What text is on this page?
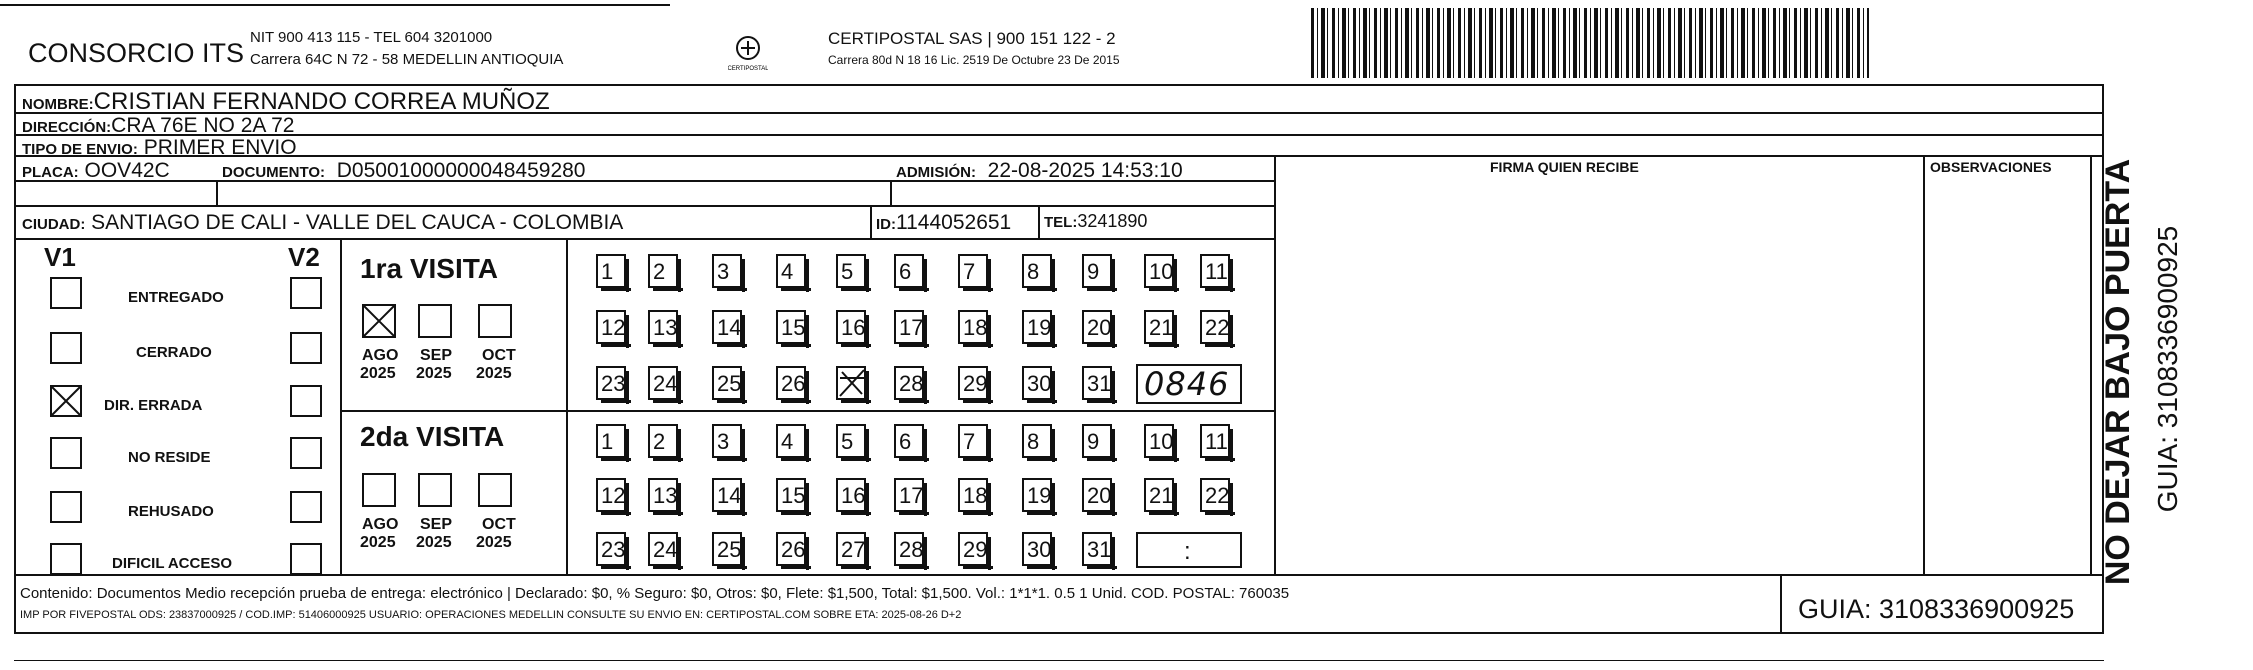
CONSORCIO ITS
NIT 900 413 115 - TEL 604 3201000
Carrera 64C N 72 - 58 MEDELLIN ANTIOQUIA
CERTIPOSTAL
CERTIPOSTAL SAS | 900 151 122 - 2
Carrera 80d N 18 16 Lic. 2519 De Octubre 23 De 2015
NOMBRE:CRISTIAN FERNANDO CORREA MUÑOZ
DIRECCIÓN:CRA 76E NO 2A 72
TIPO DE ENVIO: PRIMER ENVIO
FIRMA QUIEN RECIBE	OBSERVACIONES
PLACA: OOV42C	DOCUMENTO: D05001000000048459280	ADMISIÓN: 22-08-2025 14:53:10
CIUDAD: SANTIAGO DE CALI - VALLE DEL CAUCA - COLOMBIA	ID:1144052651 TEL:3241890
V1	V2
ENTREGADO
CERRADO
DIR. ERRADA
NO RESIDE
REHUSADO
DIFICIL ACCESO
1ra VISITA
2da VISITA
AGO
2025
SEP
2025
OCT
2025
AGO
2025
SEP
2025
OCT
2025
1	2	3	4	5	6	7	8	9	10 11
12 13 14 15 16 17 18 19 20 21 22
23 24 25 26	28 29 30 31
1	2	3	4	5	6	7	8	9	10 11
12 13 14 15 16 17 18 19 20 21 22
23 24 25 26 27 28 29 30 31
0846
:
Contenido: Documentos Medio recepción prueba de entrega: electrónico | Declarado: $0, % Seguro: $0, Otros: $0, Flete: $1,500, Total: $1,500. Vol.: 1*1*1. 0.5 1 Unid. COD. POSTAL: 760035
IMP POR FIVEPOSTAL ODS: 23837000925 / COD.IMP: 51406000925 USUARIO: OPERACIONES MEDELLIN CONSULTE SU ENVIO EN: CERTIPOSTAL.COM SOBRE ETA: 2025-08-26 D+2	GUIA: 3108336900925
NO DEJAR BAJO PUERTA GUIA: 3108336900925
